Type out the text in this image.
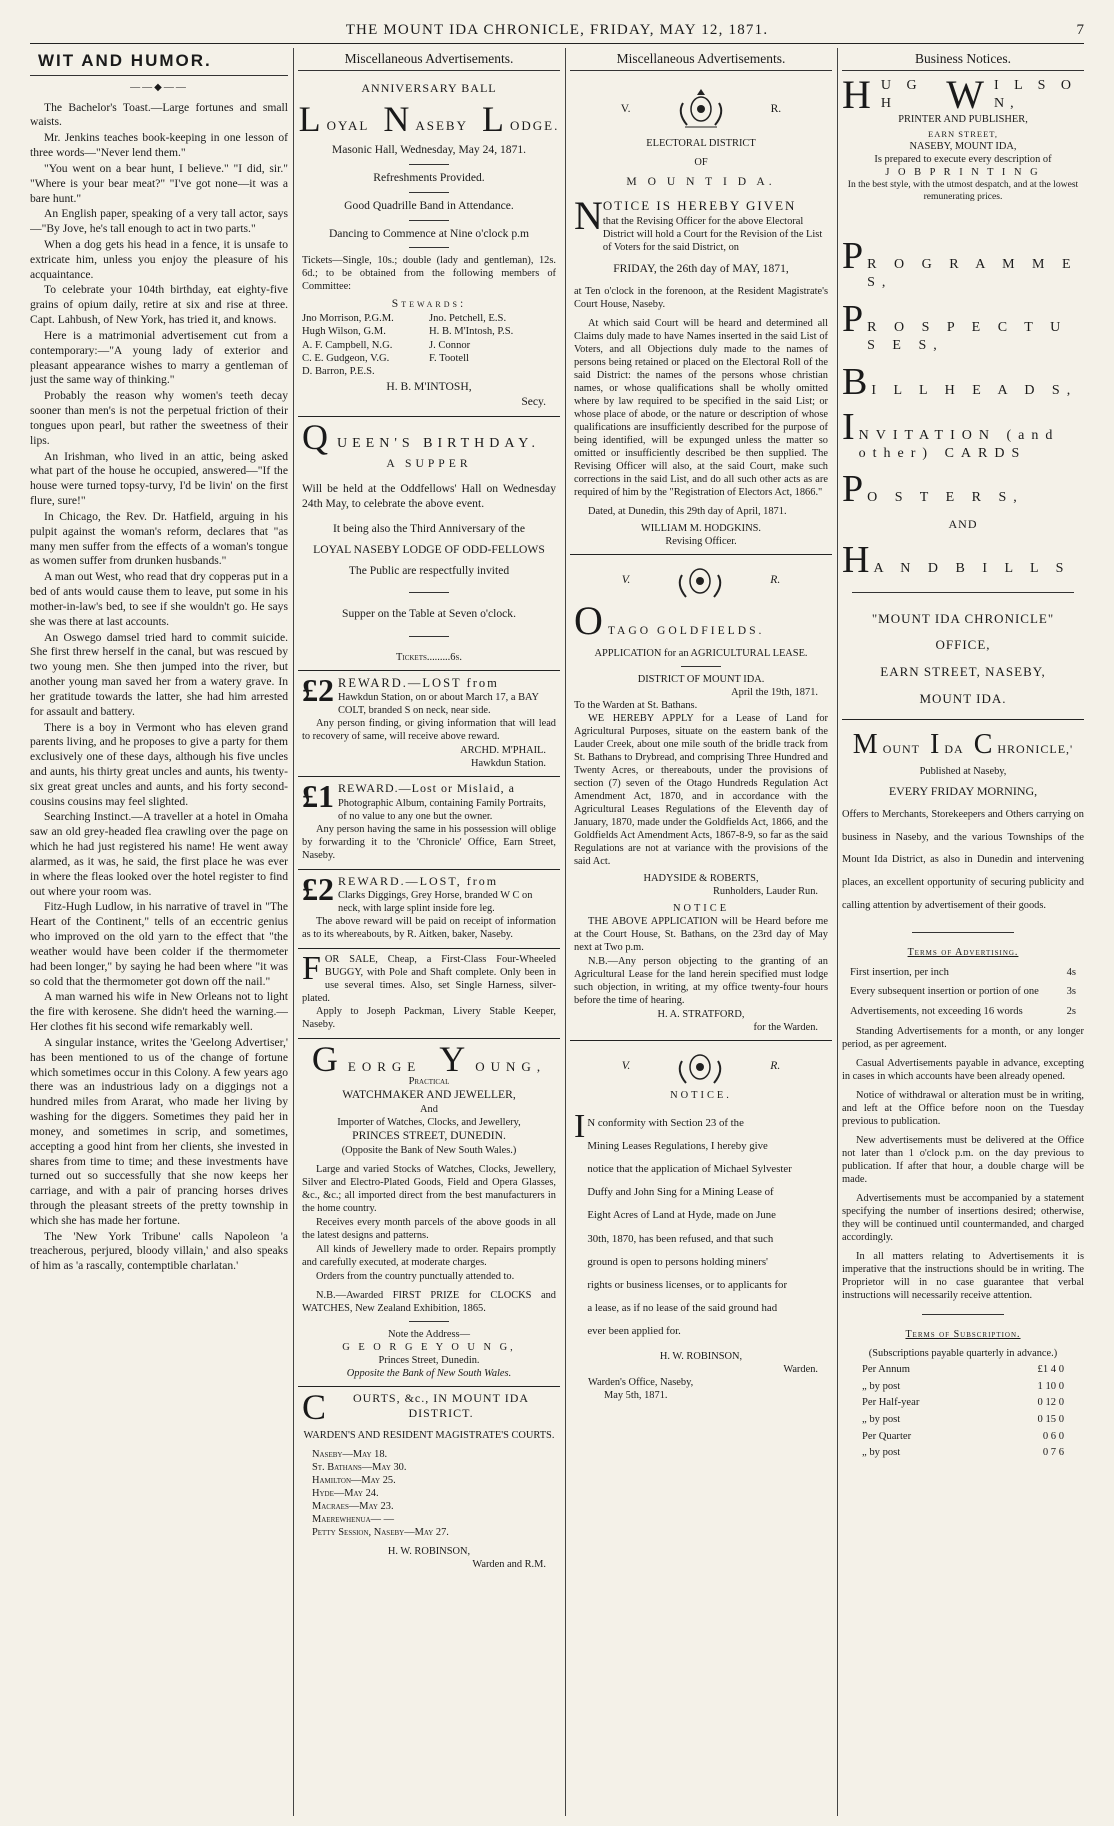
THE MOUNT IDA CHRONICLE, FRIDAY, MAY 12, 1871.	7
WIT AND HUMOR.
——◆——
The Bachelor's Toast.—Large fortunes and small waists.
Mr. Jenkins teaches book-keeping in one lesson of three words—"Never lend them."
"You went on a bear hunt, I believe." "I did, sir." "Where is your bear meat?" "I've got none—it was a bare hunt."
An English paper, speaking of a very tall actor, says—"By Jove, he's tall enough to act in two parts."
When a dog gets his head in a fence, it is unsafe to extricate him, unless you enjoy the pleasure of his acquaintance.
To celebrate your 104th birthday, eat eighty-five grains of opium daily, retire at six and rise at three. Capt. Lahbush, of New York, has tried it, and knows.
Here is a matrimonial advertisement cut from a contemporary:—"A young lady of exterior and pleasant appearance wishes to marry a gentleman of just the same way of thinking."
Probably the reason why women's teeth decay sooner than men's is not the perpetual friction of their tongues upon pearl, but rather the sweetness of their lips.
An Irishman, who lived in an attic, being asked what part of the house he occupied, answered—"If the house were turned topsy-turvy, I'd be livin' on the first flure, sure!"
In Chicago, the Rev. Dr. Hatfield, arguing in his pulpit against the woman's reform, declares that "as many men suffer from the effects of a woman's tongue as women suffer from drunken husbands."
A man out West, who read that dry copperas put in a bed of ants would cause them to leave, put some in his mother-in-law's bed, to see if she wouldn't go. He says she was there at last accounts.
An Oswego damsel tried hard to commit suicide. She first threw herself in the canal, but was rescued by two young men. She then jumped into the river, but another young man saved her from a watery grave. In her gratitude towards the latter, she had him arrested for assault and battery.
There is a boy in Vermont who has eleven grand parents living, and he proposes to give a party for them exclusively one of these days, although his five uncles and aunts, his thirty great uncles and aunts, his twenty-six great great uncles and aunts, and his forty second-cousins cousins may feel slighted.
Searching Instinct.—A traveller at a hotel in Omaha saw an old grey-headed flea crawling over the page on which he had just registered his name! He went away alarmed, as it was, he said, the first place he was ever in where the fleas looked over the hotel register to find out where your room was.
Fitz-Hugh Ludlow, in his narrative of travel in "The Heart of the Continent," tells of an eccentric genius who improved on the old yarn to the effect that "the weather would have been colder if the thermometer had been longer," by saying he had been where "it was so cold that the thermometer got down off the nail."
A man warned his wife in New Orleans not to light the fire with kerosene. She didn't heed the warning.—Her clothes fit his second wife remarkably well.
A singular instance, writes the 'Geelong Advertiser,' has been mentioned to us of the change of fortune which sometimes occur in this Colony. A few years ago there was an industrious lady on a diggings not a hundred miles from Ararat, who made her living by washing for the diggers. Sometimes they paid her in money, and sometimes in scrip, and sometimes, accepting a good hint from her clients, she invested in shares from time to time; and these investments have turned out so successfully that she now keeps her carriage, and with a pair of prancing horses drives through the pleasant streets of the pretty township in which she has made her fortune.
The 'New York Tribune' calls Napoleon 'a treacherous, perjured, bloody villain,' and also speaks of him as 'a rascally, contemptible charlatan.'
Miscellaneous Advertisements.
ANNIVERSARY BALL
L OYAL N ASEBY L ODGE.
Masonic Hall, Wednesday, May 24, 1871.
Refreshments Provided.
Good Quadrille Band in Attendance.
Dancing to Commence at Nine o'clock p.m
Tickets—Single, 10s.; double (lady and gentleman), 12s. 6d.; to be obtained from the following members of Committee:
Stewards:
Jno Morrison, P.G.M.	Jno. Petchell, E.S.
Hugh Wilson, G.M.	H. B. M'Intosh, P.S.
A. F. Campbell, N.G.	J. Connor
C. E. Gudgeon, V.G.	F. Tootell
D. Barron, P.E.S.
H. B. M'INTOSH,
Secy.
Q UEEN'S BIRTHDAY.
A SUPPER
Will be held at the Oddfellows' Hall on Wednesday 24th May, to celebrate the above event.
It being also the Third Anniversary of the
LOYAL NASEBY LODGE OF ODD-FELLOWS
The Public are respectfully invited
Supper on the Table at Seven o'clock.
Tickets.........6s.
£2 REWARD.—LOST from
Hawkdun Station, on or about March 17, a BAY COLT, branded S on neck, near side.
Any person finding, or giving information that will lead to recovery of same, will receive above reward.
ARCHD. M'PHAIL.
Hawkdun Station.
£1 REWARD.—Lost or Mislaid, a
Photographic Album, containing Family Portraits, of no value to any one but the owner.
Any person having the same in his possession will oblige by forwarding it to the 'Chronicle' Office, Earn Street, Naseby.
£2 REWARD.—LOST, from
Clarks Diggings, Grey Horse, branded W C on neck, with large splint inside fore leg.
The above reward will be paid on receipt of information as to its whereabouts, by R. Aitken, baker, Naseby.
FOR SALE, Cheap, a First-Class Four-Wheeled BUGGY, with Pole and Shaft complete. Only been in use several times. Also, set Single Harness, silver-plated.
Apply to Joseph Packman, Livery Stable Keeper, Naseby.
G EORGE Y OUNG,
Practical
WATCHMAKER AND JEWELLER,
And
Importer of Watches, Clocks, and Jewellery,
PRINCES STREET, DUNEDIN.
(Opposite the Bank of New South Wales.)
Large and varied Stocks of Watches, Clocks, Jewellery, Silver and Electro-Plated Goods, Field and Opera Glasses, &c., &c.; all imported direct from the best manufacturers in the home country.
Receives every month parcels of the above goods in all the latest designs and patterns.
All kinds of Jewellery made to order. Repairs promptly and carefully executed, at moderate charges.
Orders from the country punctually attended to.
N.B.—Awarded FIRST PRIZE for CLOCKS and WATCHES, New Zealand Exhibition, 1865.
Note the Address—
G E O R G E Y O U N G,
Princes Street, Dunedin.
Opposite the Bank of New South Wales.
C	OURTS, &c., IN MOUNT IDA DISTRICT.
WARDEN'S AND RESIDENT MAGISTRATE'S COURTS.
Naseby—May 18.
St. Bathans—May 30.
Hamilton—May 25.
Hyde—May 24.
Macraes—May 23.
Maerewhenua— —
Petty Session, Naseby—May 27.
H. W. ROBINSON,
Warden and R.M.
Miscellaneous Advertisements.
V.	R.
ELECTORAL DISTRICT
OF
M O U N T I D A.
N OTICE IS HEREBY GIVEN
that the Revising Officer for the above Electoral District will hold a Court for the Revision of the List of Voters for the said District, on
FRIDAY, the 26th day of MAY, 1871,
at Ten o'clock in the forenoon, at the Resident Magistrate's Court House, Naseby.
At which said Court will be heard and determined all Claims duly made to have Names inserted in the said List of Voters, and all Objections duly made to the names of persons being retained or placed on the Electoral Roll of the said District: the names of the persons whose christian names, or whose qualifications shall be wholly omitted where by law required to be specified in the said List; or whose place of abode, or the nature or description of whose qualifications are insufficiently described for the purpose of being identified, will be expunged unless the matter so omitted or insufficiently described be then supplied. The Revising Officer will also, at the said Court, make such corrections in the said List, and do all such other acts as are required of him by the "Registration of Electors Act, 1866."
Dated, at Dunedin, this 29th day of April, 1871.
WILLIAM M. HODGKINS.
Revising Officer.
V.	R.
O TAGO GOLDFIELDS.
APPLICATION for an AGRICULTURAL LEASE.
DISTRICT OF MOUNT IDA.
April the 19th, 1871.
To the Warden at St. Bathans.
WE HEREBY APPLY for a Lease of Land for Agricultural Purposes, situate on the eastern bank of the Lauder Creek, about one mile south of the bridle track from St. Bathans to Drybread, and comprising Three Hundred and Twenty Acres, or thereabouts, under the provisions of section (7) seven of the Otago Hundreds Regulation Act Amendment Act, 1870, and in accordance with the Agricultural Leases Regulations of the Eleventh day of January, 1870, made under the Goldfields Act, 1866, and the Goldfields Act Amendment Acts, 1867-8-9, so far as the said Regulations are not at variance with the provisions of the said Act.
HADYSIDE & ROBERTS,
Runholders, Lauder Run.
NOTICE
THE ABOVE APPLICATION will be Heard before me at the Court House, St. Bathans, on the 23rd day of May next at Two p.m.
N.B.—Any person objecting to the granting of an Agricultural Lease for the land herein specified must lodge such objection, in writing, at my office twenty-four hours before the time of hearing.
H. A. STRATFORD,
for the Warden.
V.	R.
NOTICE.
I N conformity with Section 23 of the
Mining Leases Regulations, I hereby give
notice that the application of Michael Sylvester
Duffy and John Sing for a Mining Lease of
Eight Acres of Land at Hyde, made on June
30th, 1870, has been refused, and that such
ground is open to persons holding miners'
rights or business licenses, or to applicants for
a lease, as if no lease of the said ground had
ever been applied for.
H. W. ROBINSON,
Warden.
Warden's Office, Naseby,
May 5th, 1871.
Business Notices.
H U G H	W I L S O N,
PRINTER AND PUBLISHER,
EARN STREET,
NASEBY, MOUNT IDA,
Is prepared to execute every description of
J O B P R I N T I N G
In the best style, with the utmost despatch, and at the lowest remunerating prices.
P R O G R A M M E S,
P R O S P E C T U S E S,
B I L L H E A D S,
I NVITATION (and other) CARDS
P O S T E R S,
AND
H A N D B I L L S
"MOUNT IDA CHRONICLE"
OFFICE,
EARN STREET, NASEBY,
MOUNT IDA.
M OUNT I DA C HRONICLE,'
Published at Naseby,
EVERY FRIDAY MORNING,
Offers to Merchants, Storekeepers and Others carrying on business in Naseby, and the various Townships of the Mount Ida District, as also in Dunedin and intervening places, an excellent opportunity of securing publicity and calling attention by advertisement of their goods.
Terms of Advertising.
First insertion, per inch	4s
Every subsequent insertion or portion of one	3s
Advertisements, not exceeding 16 words	2s
Standing Advertisements for a month, or any longer period, as per agreement.
Casual Advertisements payable in advance, excepting in cases in which accounts have been already opened.
Notice of withdrawal or alteration must be in writing, and left at the Office before noon on the Tuesday previous to publication.
New advertisements must be delivered at the Office not later than 1 o'clock p.m. on the day previous to publication. If after that hour, a double charge will be made.
Advertisements must be accompanied by a statement specifying the number of insertions desired; otherwise, they will be continued until countermanded, and charged accordingly.
In all matters relating to Advertisements it is imperative that the instructions should be in writing. The Proprietor will in no case guarantee that verbal instructions will necessarily receive attention.
Terms of Subscription.
(Subscriptions payable quarterly in advance.)
Per Annum	£1 4 0
„ by post	1 10 0
Per Half-year	0 12 0
„ by post	0 15 0
Per Quarter	0 6 0
„ by post	0 7 6
